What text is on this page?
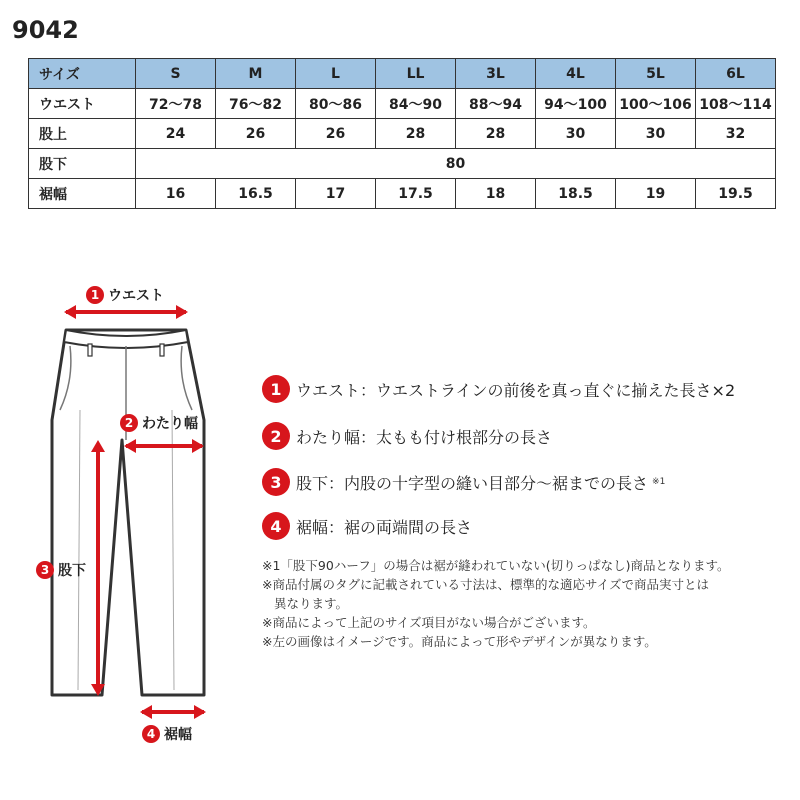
9042
サイズ	S	M	L	LL	3L	4L	5L	6L
ウエスト	72〜78	76〜82	80〜86	84〜90	88〜94	94〜100	100〜106	108〜114
股上	24	26	26	28	28	30	30	32
股下	80							
裾幅	16	16.5	17	17.5	18	18.5	19	19.5
1 ウエスト
2 わたり幅
3 股下
4 裾幅
1 ウエスト ：ウエストラインの前後を真っ直ぐに揃えた長さ×2
2 わたり幅 ：太もも付け根部分の長さ
3 股下 ：内股の十字型の縫い目部分〜裾までの長さ ※1
4 裾幅 ：裾の両端間の長さ

※1「股下90ハーフ」の場合は裾が縫われていない(切りっぱなし)商品となります。

※商品付属のタグに記載されている寸法は、標準的な適応サイズで商品実寸とは

異なります。

※商品によって上記のサイズ項目がない場合がございます。

※左の画像はイメージです。商品によって形やデザインが異なります。
